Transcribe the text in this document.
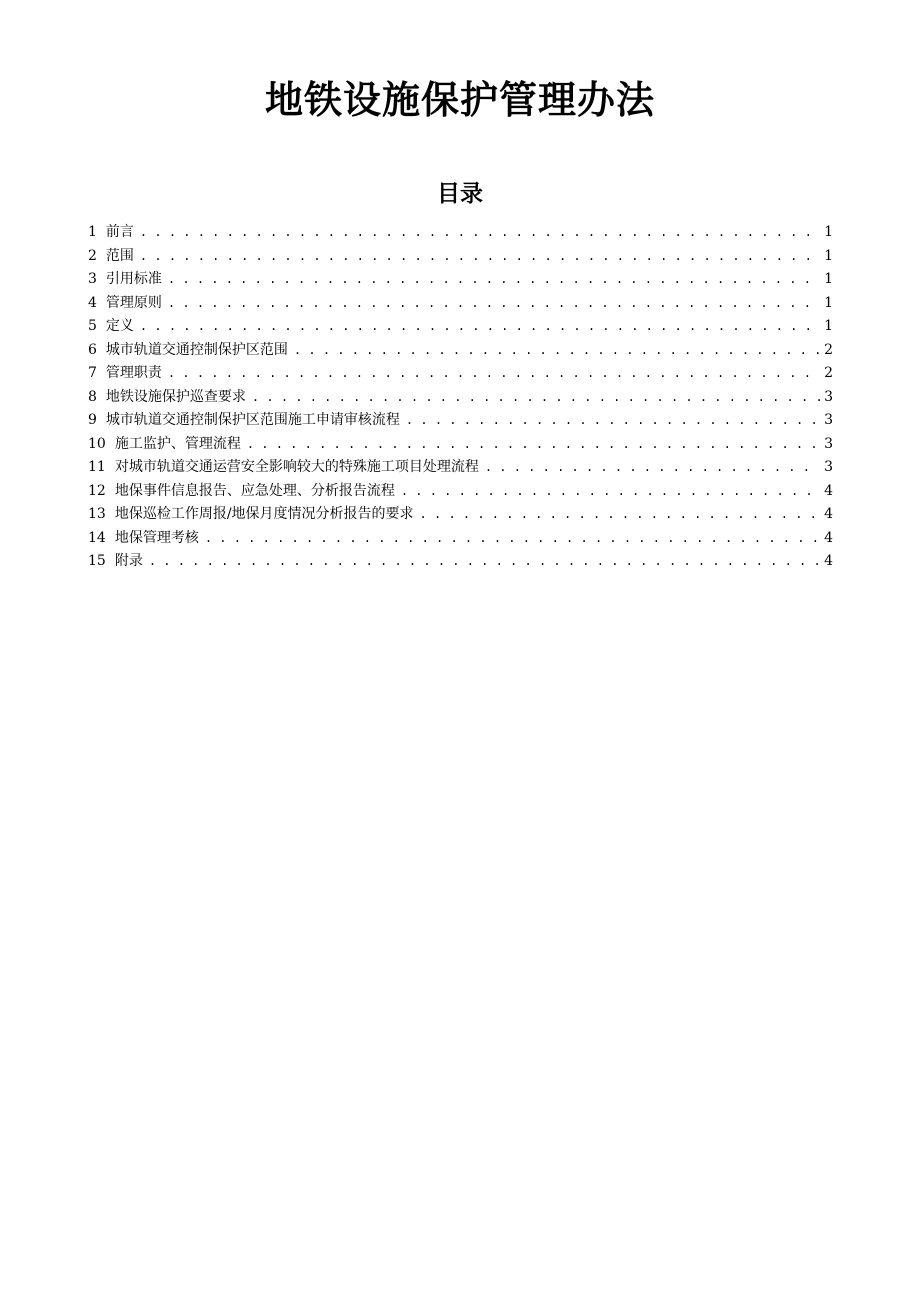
地铁设施保护管理办法
目录
1 前言 . . .	1
2 范围 . . .	1
3 引用标准 . . .	1
4 管理原则 . . .	1
5 定义 . . .	1
6 城市轨道交通控制保护区范围 . . .	2
7 管理职责 . . .	2
8 地铁设施保护巡查要求 . . .	3
9 城市轨道交通控制保护区范围施工申请审核流程 . . .	3
10 施工监护、管理流程 . . .	3
11 对城市轨道交通运营安全影响较大的特殊施工项目处理流程 . . .	3
12 地保事件信息报告、应急处理、分析报告流程 . . .	4
13 地保巡检工作周报/地保月度情况分析报告的要求 . . .	4
14 地保管理考核 . . .	4
15 附录 . . .	4
